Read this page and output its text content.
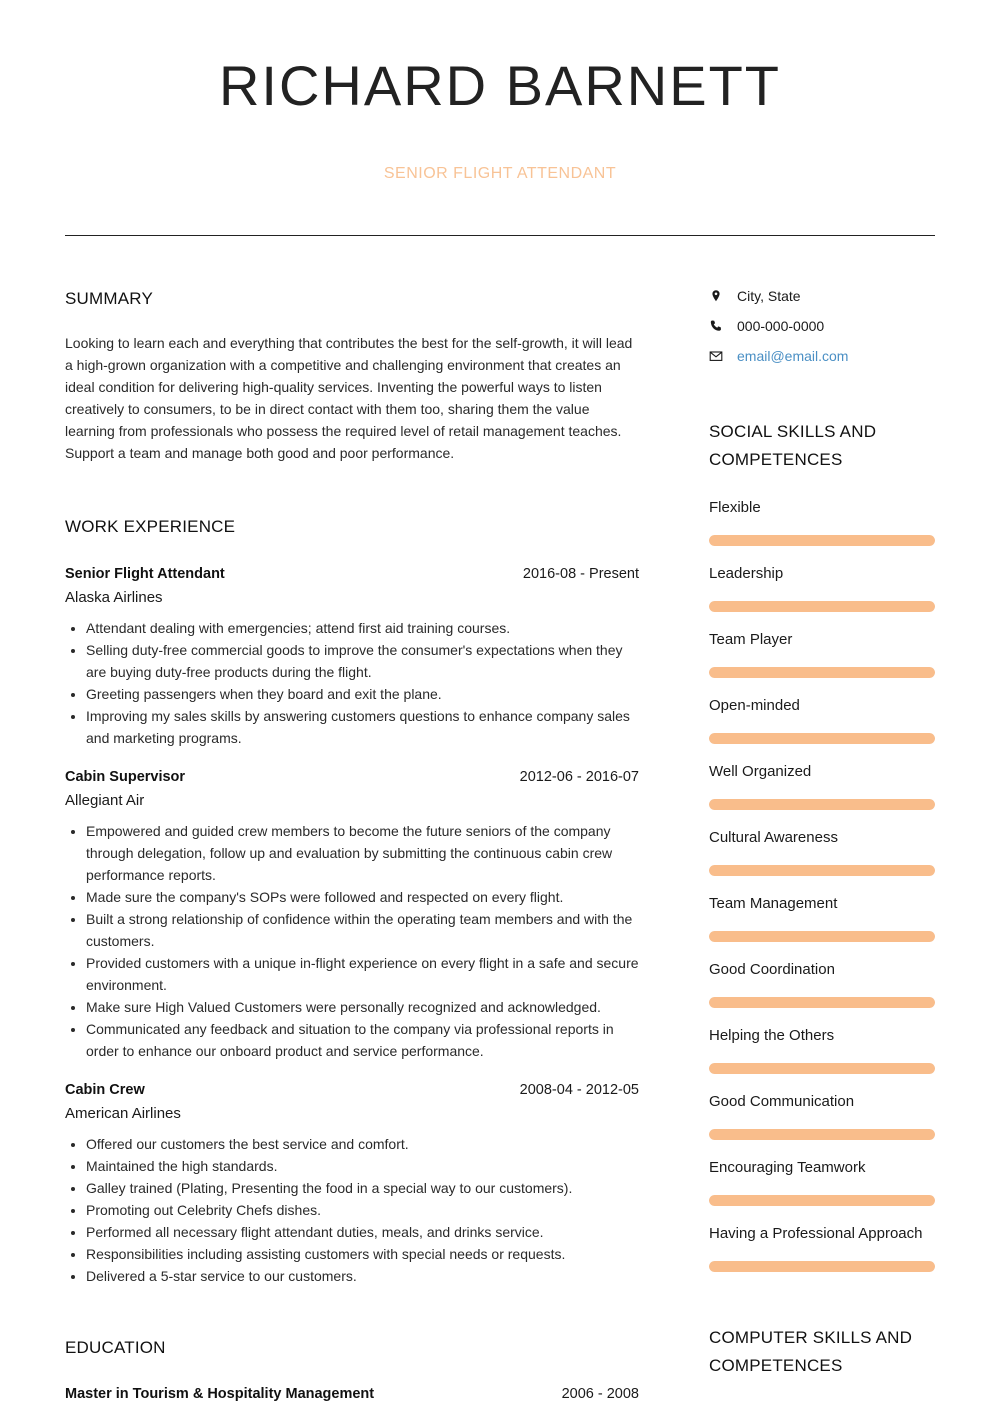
RICHARD BARNETT
SENIOR FLIGHT ATTENDANT
SUMMARY

Looking to learn each and everything that contributes the best for the self-growth, it will lead a high-grown organization with a competitive and challenging environment that creates an ideal condition for delivering high-quality services. Inventing the powerful ways to listen creatively to consumers, to be in direct contact with them too, sharing them the value learning from professionals who possess the required level of retail management teaches. Support a team and manage both good and poor performance.

WORK EXPERIENCE
Senior Flight Attendant	2016-08 - Present
Alaska Airlines
• Attendant dealing with emergencies; attend first aid training courses.
• Selling duty-free commercial goods to improve the consumer's expectations when they are buying duty-free products during the flight.
• Greeting passengers when they board and exit the plane.
• Improving my sales skills by answering customers questions to enhance company sales and marketing programs.
Cabin Supervisor	2012-06 - 2016-07
Allegiant Air
• Empowered and guided crew members to become the future seniors of the company through delegation, follow up and evaluation by submitting the continuous cabin crew performance reports.
• Made sure the company's SOPs were followed and respected on every flight.
• Built a strong relationship of confidence within the operating team members and with the customers.
• Provided customers with a unique in-flight experience on every flight in a safe and secure environment.
• Make sure High Valued Customers were personally recognized and acknowledged.
• Communicated any feedback and situation to the company via professional reports in order to enhance our onboard product and service performance.
Cabin Crew	2008-04 - 2012-05
American Airlines
• Offered our customers the best service and comfort.
• Maintained the high standards.
• Galley trained (Plating, Presenting the food in a special way to our customers).
• Promoting out Celebrity Chefs dishes.
• Performed all necessary flight attendant duties, meals, and drinks service.
• Responsibilities including assisting customers with special needs or requests.
• Delivered a 5-star service to our customers.
EDUCATION
Master in Tourism & Hospitality Management	2006 - 2008
City, State
000-000-0000
email@email.com
SOCIAL SKILLS AND COMPETENCES
Flexible
Leadership
Team Player
Open-minded
Well Organized
Cultural Awareness
Team Management
Good Coordination
Helping the Others
Good Communication
Encouraging Teamwork
Having a Professional Approach
COMPUTER SKILLS AND COMPETENCES
